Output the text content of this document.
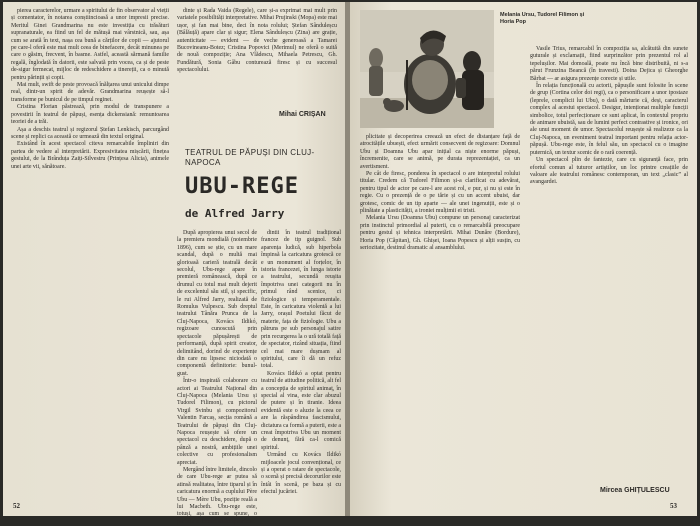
pierea caracterelor, urmare a spiritului de fin observator al vieții și comentator, în notarea conștiincioasă a unor impresii precise. Meritul Ginei Grandmarina nu este investiția cu trăsături supranaturale, ea fiind un fel de mătușă mai vârstnică, sau, așa cum se arată în text, nașa cea bună a cărților de copii — ajutorul pe care-l oferă este mai mult ceea de binefacere, decât minunea pe care o găsim, frecvent, în basme. Astfel, această sărmană familie regală, înglodată în datorii, este salvată prin vocea, ca și de peste de-sigur fermecat, mijloc de redeschidere a tinereții, ca o minută pentru părinții și copii.

Mai mult, swift de peste provoacă înălțarea unui unicului dimpe real, dintr-un spirit de adevăr. Grandmarina reușește să-l transforme pe bunicul de pe timpul reginei.

Cristina Florian păstrează, prin modul de transpunere a povestirii în teatrul de păpuși, esența dickensiană: remuntoarea teoriei de a trăi.

Așa a deschis teatrul și regizorul Ștefan Lenkisch, parcurgând scene și replici ca această ce urmează din textul original.

Existând în acest spectacol citeva remarcabile împliniri din partea de vedere al interpretării. Expresivitatea mișcării, finețea gestului, de la Brânduța Zaiți-Silvestru (Prințesa Alicia), animele unei arte vii, sănătoare.

dinte și Rada Vaida (Regele), care și-a exprimat mai mult prin variatele posibilități interpretative. Mihai Prujinski (Mopa) este mai ușor, și fan mai bine, deci în nota rolului; Ștefan Sânduleșcu (Bâlăuță) apare clar și sigur; Elena Sânduleșcu (Zina) are grație, autenticitate — evident — de veche generoasă a Tamarei Bucovineanu-Botez; Cristina Popovici (Merimul) ne oferă o suită de nouă compoziție; Ana Vlădescu, Mihaela Petrescu, Gh. Fundătură, Sonia Gâbu conturează firesc și cu succesul spectacolului.

Mihai CRIȘAN
TEATRUL DE PĂPUȘI DIN CLUJ-NAPOCA
UBU-REGE
de Alfred Jarry

După apropierea unui secol de la premiera mondială (noiembrie 1896), cum se știe, cu un mare scandal, după o multă mai glorioasă carieră teatrală decât secolul, Ubu-rege apare în premieră românească, după ce drumul cu totul mai mult dejerit de excelentul său stil, și specific, le rui Alfred Jarry, realizată de Romulus Vulpescu. Sub dreptul teatrului Tânăra Prunca de la Cluj-Napoca, Kovács Ildikó, regizoare cunoscută prin spectacole păpușărești de performanță, după spirit creator, delimitând, dorind de experiențe din care nu lipsesc niciodată o componentă definitorie: bunul-gust.

Într-o inspirată colaborare cu actori ai Teatrului Național din Cluj-Napoca (Melania Ursu și Tudorel Filimon), cu pictorul Virgil Svinbu și compozitorul Valentin Farcaș, secția română a Teatrului de păpuși din Cluj-Napoca reușește să ofere un spectacol cu deschidere, după o pânză a nostră, ambițiile unei colective cu profesionalism apreciat.

Mergând între limitele, dincolo de care Ubu-rege ar putea să atinsă realitatea, între tiparul și în caricatura enormă a cuplului Père Ubu — Mère Ubu, poziție reală a lui Macbeth. Ubu-rege este, totuși, așa cum se spune, o parodie a dramei shakespeariene.

dintii în teatrul tradițional francez de tip guignol. Sub aparența ludică, sub hiperbola împinsă la caricatura grotescă ce e un monument al forțelor, în istoria francezei, în lunga istorie a teatrului, secundă reușita împotriva unei categorii nu în primul rând scenice, ci fiziologice și temperamentale. Este, în caricatura violentă a lui Jarry, orașul Poetului făcut de materie, fața de fiziologie. Ubu a pătruns pe sub personajul satire prin recurgerea la o ură totală față de spectator, rizând situația, fiind cel mai mare dușmam al spiritului, care îi dă un refuz total.

Kovács Ildikó a optat pentru teatrul de atitudine politică, alt fel a concepția de spiritul animaț, în special al vina, este clar abuzul de putere și în tiranie. Ideea evidentă este o aluzie la ceea ce are la răspândirea fascismului, dictatura ca formă a puterii, este a creat împotriva Ubu un moment de denunț, fără ca-l comică spiritul.

Urmând cu Kovács Ildikó mijloacele jocul convențional, ce și a operat o ratare de spectacole, o scenă și precisă decorurilor este întâi în scenă, pe baza și cu efectul jucăriei.

52
Melania Ursu, Tudorel Filimon și
Horia Pop

plicitate și decoperirea creează un efect de distanțare față de atrocitățile ubuești, efect urmărit consecvent de regizoare: Domnul Ubu și Doamna Ubu apar inițial ca niște enorme păpuși, încremenite, care se animă, pe durata reprezentației, ca un avertisment.

Pe cât de firesc, ponderea în spectacol o are interpretul rolului titular. Credem că Tudorel Filimon și-a clarificat cu adevărat, pentru tipul de actor pe care-l are acest rol, e pur, și nu și este în regie. Cu o prezență de o pe tărie și cu un accent ubuist, dar grotesc, comic de un tip aparte — ale unei ingenuiții, este și o plinătate a plasticității, a ironiei mulțimii ei tristi.

Melania Ursu (Doamna Ubu) compune un personaj caracterizat prin instinctul primordial al puterii, cu o remarcabilă preocupare pentru gestul și tehnica interpretării. Mihai Dunăre (Bordure), Horia Pop (Căpitan), Gh. Ghișei, Ioana Popescu și alții susțin, cu seriozitate, destinul dramatic al ansamblului.

Vasile Trius, remarcabil în compoziția sa, alcătuită din sunete guturale și exclamații, fiind surprinzător prin prezentul rol al tepelușilor. Mai domoală, poate nu încă bine distribuită, ni s-a părut Frunzina Beancă (în travesti). Doina Dejica și Gheorghe Bărbat — ar asigura prezențe corecte și utile.

În relația funcțională cu actorii, păpușile sunt folosite în scene de grup (Cortina celor doi regi), ca o personificare a unor ipostaze (leprele, complicii lui Ubu), o dată mărturie că, deși, caracterul complex al acestui spectacol. Desigur, intenționat multiple funcții simbolice, totul perfecționare ce sunt aplicat, în contextul propriu de animare ubuistă, sau de lumini perfect contrastive și ironice, ori ale unui moment de umor. Spectacolul reușește să realizeze ca la Cluj-Napoca, un eveniment teatral important pentru relația actor-păpușă. Ubu-rege este, în felul său, un spectacol cu o imagine puternică, un textur scenic de o rară coerență.

Un spectacol plin de fantezie, care cu siguranță face, prin efortul comun al tuturor artiștilor, un loc printre creațiile de valoare ale teatrului românesc contemporan, un text „clasic” al avangardei.

Mircea GHIȚULESCU
53
